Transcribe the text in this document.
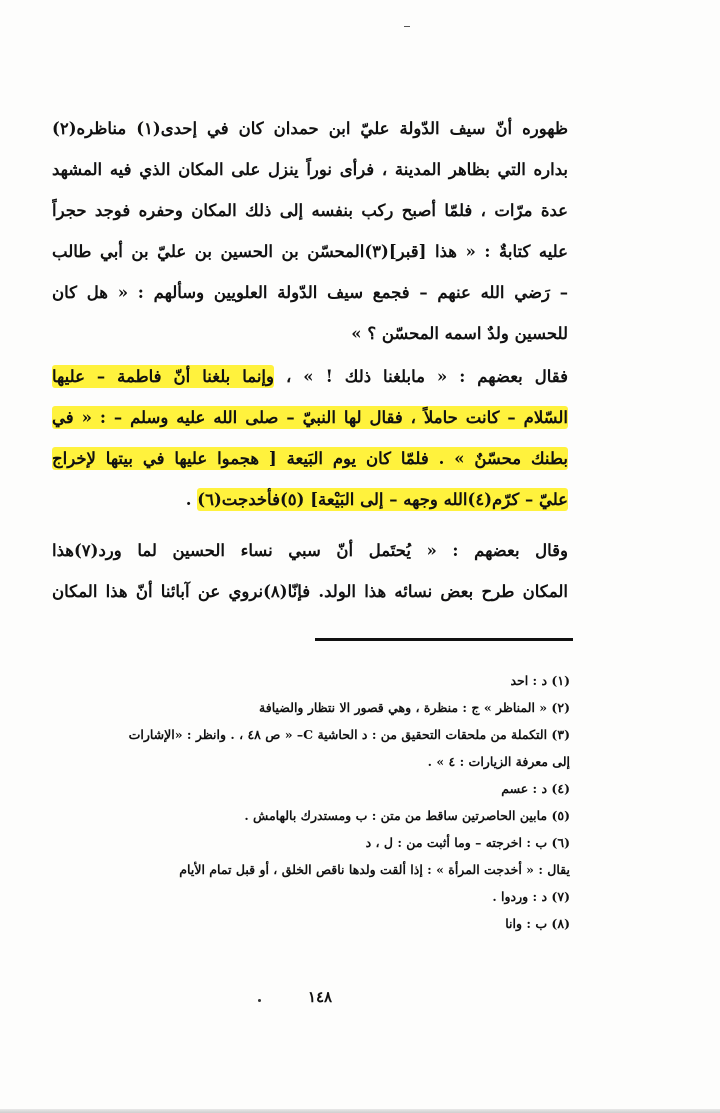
ظهوره أنّ سيف الدّولة عليّ ابن حمدان كان في إحدى(١) مناظره(٢)
بداره التي بظاهر المدينة ، فرأى نوراً ينزل على المكان الذي فيه المشهد
عدة مرّات ، فلمّا أصبح ركب بنفسه إلى ذلك المكان وحفره فوجد حجراً
عليه كتابةٌ : « هذا [قبر](٣)المحسّن بن الحسين بن عليّ بن أبي طالب
– رَضي الله عنهم – فجمع سيف الدّولة العلويين وسألهم : « هل كان
للحسين ولدٌ اسمه المحسّن ؟ »
فقال بعضهم : « مابلغنا ذلك ! » ، وإنما بلغنا أنّ فاطمة – عليها
السّلام – كانت حاملاً ، فقال لها النبيّ – صلى الله عليه وسلم – : « في
بطنك محسّنٌ » . فلمّا كان يوم البَيعة [ هجموا عليها في بيتها لإخراج
عليّ – كرّم(٤)الله وجهه – إلى البَيْعة] (٥)فأخدجت(٦) .
وقال بعضهم : « يُحتَمل أنّ سبي نساء الحسين لما ورد(٧)هذا
المكان طرح بعض نسائه هذا الولد. فإنّا(٨)نروي عن آبائنا أنّ هذا المكان
(١) د : احد
(٢) « المناظر » ج : منظرة ، وهي قصور الا نتظار والضيافة
(٣) التكملة من ملحقات التحقيق من : د الحاشية C– « ص ٤٨ ، . وانظر : «الإشارات
إلى معرفة الزيارات : ٤ » .
(٤) د : عسم
(٥) مابين الحاصرتين ساقط من متن : ب ومستدرك بالهامش .
(٦) ب : اخرجته – وما أثبت من : ل ، د
يقال : « أخدجت المرأة » : إذا ألقت ولدها ناقص الخلق ، أو قبل تمام الأيام
(٧) د : وردوا .
(٨) ب : وانا
١٤٨
